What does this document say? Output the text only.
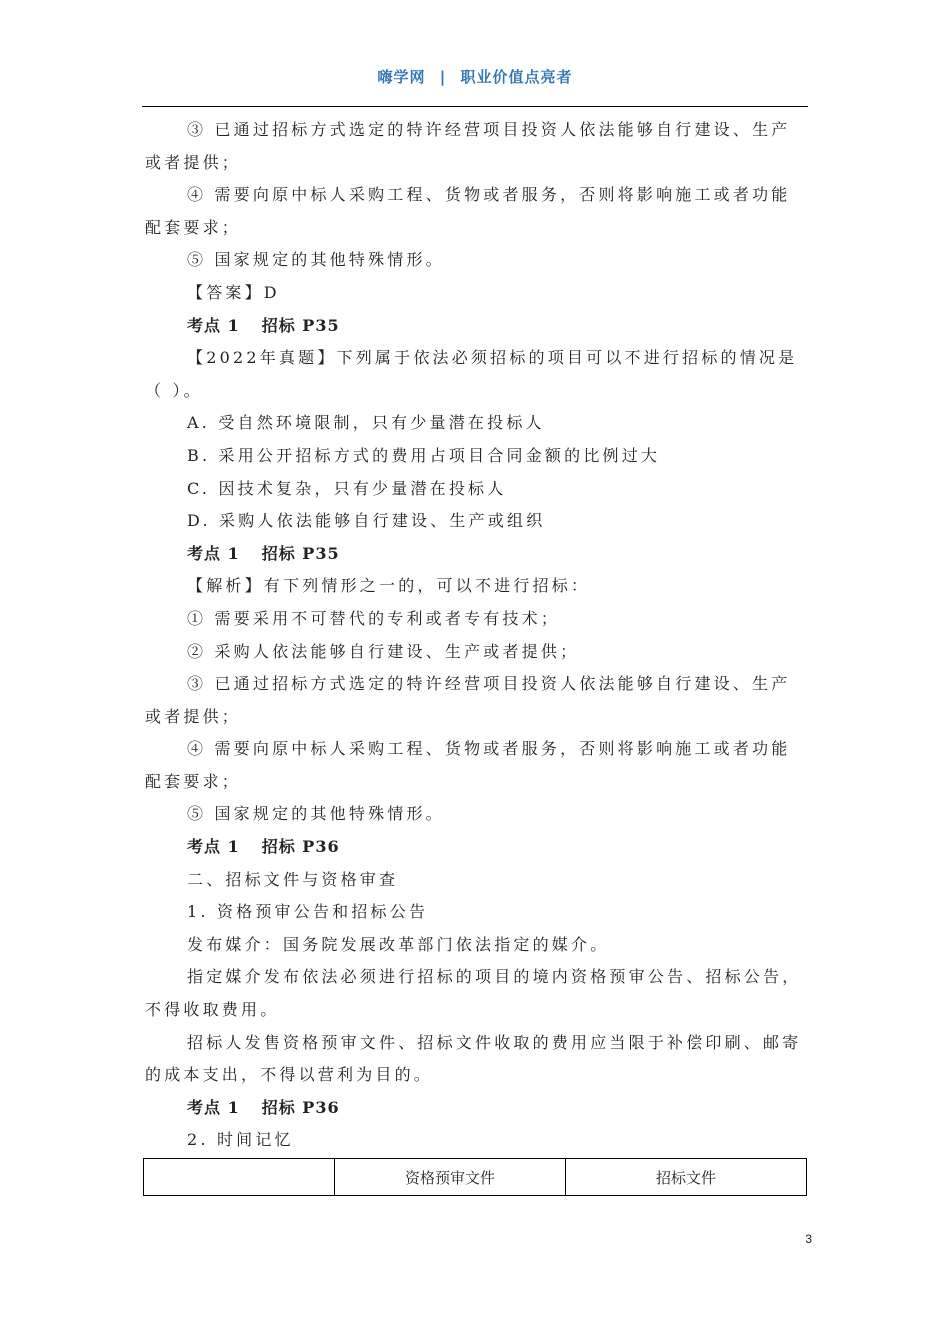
嗨学网 | 职业价值点亮者

③ 已通过招标方式选定的特许经营项目投资人依法能够自行建设、生产或者提供；

④ 需要向原中标人采购工程、货物或者服务，否则将影响施工或者功能配套要求；

⑤ 国家规定的其他特殊情形。

【答案】D

考点 1 招标 P35

【2022年真题】下列属于依法必须招标的项目可以不进行招标的情况是（ ）。

A. 受自然环境限制，只有少量潜在投标人

B. 采用公开招标方式的费用占项目合同金额的比例过大

C. 因技术复杂，只有少量潜在投标人

D. 采购人依法能够自行建设、生产或组织

考点 1 招标 P35

【解析】有下列情形之一的，可以不进行招标：

① 需要采用不可替代的专利或者专有技术；

② 采购人依法能够自行建设、生产或者提供；

③ 已通过招标方式选定的特许经营项目投资人依法能够自行建设、生产或者提供；

④ 需要向原中标人采购工程、货物或者服务，否则将影响施工或者功能配套要求；

⑤ 国家规定的其他特殊情形。

考点 1 招标 P36

二、招标文件与资格审查

1. 资格预审公告和招标公告

发布媒介：国务院发展改革部门依法指定的媒介。

指定媒介发布依法必须进行招标的项目的境内资格预审公告、招标公告，不得收取费用。

招标人发售资格预审文件、招标文件收取的费用应当限于补偿印刷、邮寄的成本支出，不得以营利为目的。

考点 1 招标 P36

2. 时间记忆

	资格预审文件	招标文件
3
